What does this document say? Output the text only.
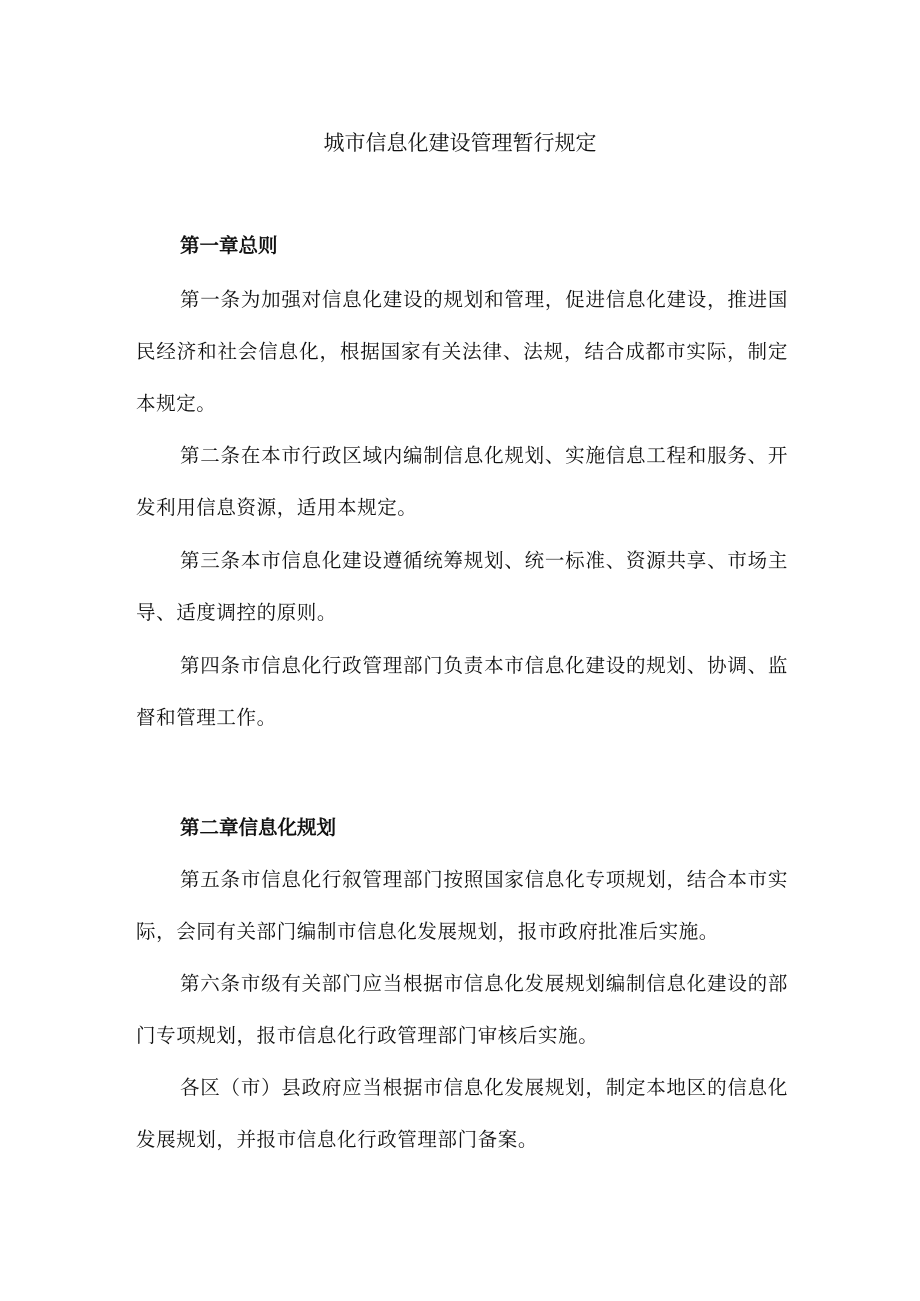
城市信息化建设管理暂行规定
第一章总则

第一条为加强对信息化建设的规划和管理，促进信息化建设，推进国民经济和社会信息化，根据国家有关法律、法规，结合成都市实际，制定本规定。

第二条在本市行政区域内编制信息化规划、实施信息工程和服务、开发利用信息资源，适用本规定。

第三条本市信息化建设遵循统筹规划、统一标准、资源共享、市场主导、适度调控的原则。

第四条市信息化行政管理部门负责本市信息化建设的规划、协调、监督和管理工作。

第二章信息化规划

第五条市信息化行叙管理部门按照国家信息化专项规划，结合本市实际，会同有关部门编制市信息化发展规划，报市政府批准后实施。

第六条市级有关部门应当根据市信息化发展规划编制信息化建设的部门专项规划，报市信息化行政管理部门审核后实施。

各区（市）县政府应当根据市信息化发展规划，制定本地区的信息化发展规划，并报市信息化行政管理部门备案。
